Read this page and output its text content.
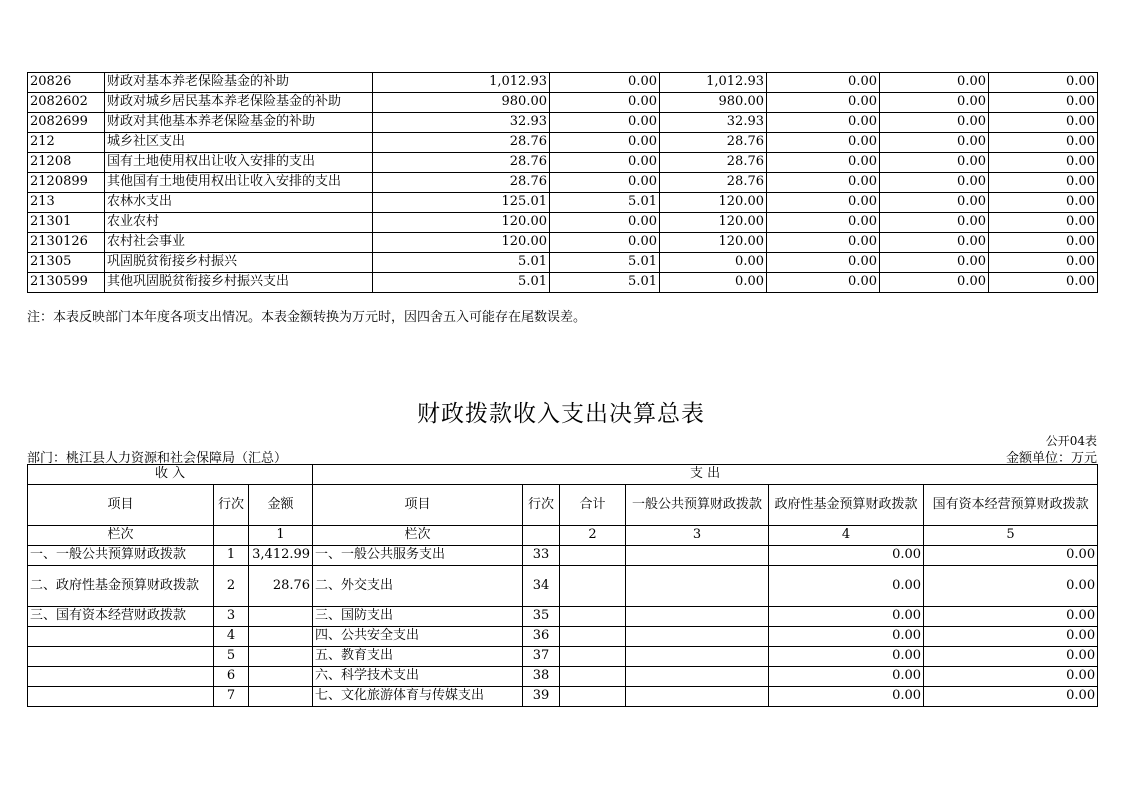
20826	财政对基本养老保险基金的补助	1,012.93	0.00	1,012.93	0.00	0.00	0.00
2082602	财政对城乡居民基本养老保险基金的补助	980.00	0.00	980.00	0.00	0.00	0.00
2082699	财政对其他基本养老保险基金的补助	32.93	0.00	32.93	0.00	0.00	0.00
212	城乡社区支出	28.76	0.00	28.76	0.00	0.00	0.00
21208	国有土地使用权出让收入安排的支出	28.76	0.00	28.76	0.00	0.00	0.00
2120899	其他国有土地使用权出让收入安排的支出	28.76	0.00	28.76	0.00	0.00	0.00
213	农林水支出	125.01	5.01	120.00	0.00	0.00	0.00
21301	农业农村	120.00	0.00	120.00	0.00	0.00	0.00
2130126	农村社会事业	120.00	0.00	120.00	0.00	0.00	0.00
21305	巩固脱贫衔接乡村振兴	5.01	5.01	0.00	0.00	0.00	0.00
2130599	其他巩固脱贫衔接乡村振兴支出	5.01	5.01	0.00	0.00	0.00	0.00
注：本表反映部门本年度各项支出情况。本表金额转换为万元时，因四舍五入可能存在尾数误差。
财政拨款收入支出决算总表
公开04表
部门：桃江县人力资源和社会保障局（汇总）	金额单位：万元
收 入			支 出					
项目	行次	金额	项目	行次	合计	一般公共预算财政拨款	政府性基金预算财政拨款	国有资本经营预算财政拨款
栏次		1	栏次		2	3	4	5
一、一般公共预算财政拨款	1	3,412.99	一、一般公共服务支出	33			0.00	0.00
二、政府性基金预算财政拨款	2	28.76	二、外交支出	34			0.00	0.00
三、国有资本经营财政拨款	3		三、国防支出	35			0.00	0.00
	4		四、公共安全支出	36			0.00	0.00
	5		五、教育支出	37			0.00	0.00
	6		六、科学技术支出	38			0.00	0.00
	7		七、文化旅游体育与传媒支出	39			0.00	0.00
